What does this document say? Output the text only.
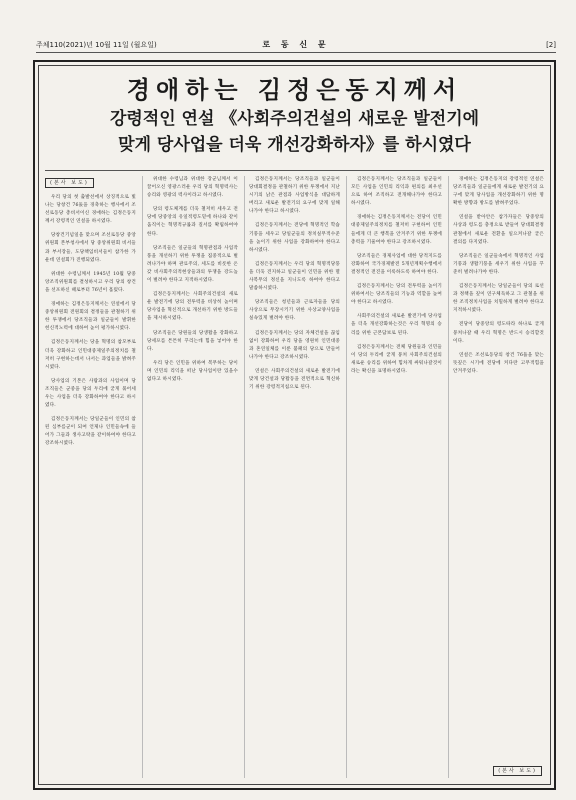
주체110(2021)년 10월 11일 (월요일)	로 동 신 문	[2]
경애하는 김정은동지께서
강령적인 연설 《사회주의건설의 새로운 발전기에
맞게 당사업을 더욱 개선강화하자》를 하시였다
(본사 보도)

우리 당의 첫 출발선에서 상징적으로 빛나는 당창건 76돐을 경축하는 행사에서 조선로동당 총비서이신 경애하는 김정은동지께서 강령적인 연설을 하시였다.

당창건기념일을 맞으며 조선로동당 중앙위원회 본부청사에서 당 중앙위원회 비서들과 부서장들, 도당책임비서들이 참가한 가운데 연설회가 진행되였다.

위대한 수령님께서 1945년 10월 당중앙조직위원회를 결성하시고 우리 당의 창건을 선포하신 때로부터 76년이 흘렀다.

경애하는 김정은동지께서는 연설에서 당중앙위원회 전원회의 결정들을 관철하기 위한 투쟁에서 당조직들과 일군들이 발휘한 헌신적노력에 대하여 높이 평가하시였다.

김정은동지께서는 당을 혁명의 참모부로 더욱 강화하고 인민대중제일주의정치를 철저히 구현하는데서 나서는 과업들을 밝혀주시였다.

당사업의 기본은 사람과의 사업이며 당조직들은 군중을 당의 두리에 굳게 묶어세우는 사업을 더욱 강화하여야 한다고 하시였다.

김정은동지께서는 당일군들이 인민의 참된 심부름군이 되여 언제나 인민들속에 들어가 그들과 생사고락을 같이하여야 한다고 강조하시였다.

위대한 수령님과 위대한 장군님께서 이끌어오신 영광스러운 우리 당의 혁명력사는 승리와 영광의 력사이라고 하시였다.

당의 령도체계를 더욱 철저히 세우고 전당에 당중앙의 유일적령도밑에 하나와 같이 움직이는 혁명적규률과 질서를 확립하여야 한다.

당조직들은 일군들의 혁명관점과 사업작풍을 개선하기 위한 투쟁을 집중적으로 벌려나가야 하며 관료주의, 세도를 비롯한 온갖 비사회주의적현상들과의 투쟁을 강도높이 벌려야 한다고 지적하시였다.

김정은동지께서는 사회주의건설의 새로운 발전기에 당의 전투력을 비상히 높이며 당사업을 혁신적으로 개선하기 위한 방도들을 제시하시였다.

당조직들은 당원들의 당생활을 강화하고 당세포를 튼튼히 꾸리는데 힘을 넣어야 한다.

우리 당은 인민을 위하여 복무하는 당이며 인민의 리익을 떠난 당사업이란 있을수 없다고 하시였다.

김정은동지께서는 당조직들과 일군들이 당대회결정을 관철하기 위한 투쟁에서 지난 시기의 낡은 관점과 사업방식을 대담하게 버리고 새로운 발전기의 요구에 맞게 일해나가야 한다고 하시였다.

김정은동지께서는 전당에 혁명적인 학습기풍을 세우고 당일군들의 정치실무적수준을 높이기 위한 사업을 강화하여야 한다고 하시였다.

김정은동지께서는 우리 당의 혁명적당풍을 더욱 견지하고 일군들이 인민을 위한 멸사복무의 정신을 지니도록 하여야 한다고 말씀하시였다.

당조직들은 청년들과 근로자들을 당의 사상으로 무장시키기 위한 사상교양사업을 실속있게 벌려야 한다.

김정은동지께서는 당의 자체건설을 끊임없이 강화하여 우리 당을 영원히 인민대중과 혼연일체를 이룬 불패의 당으로 만들어나가야 한다고 강조하시였다.

연설은 사회주의건설의 새로운 발전기에 맞게 당건설과 당활동을 전면적으로 혁신하기 위한 강령적지침으로 된다.

김정은동지께서는 당조직들과 일군들이 모든 사업을 인민의 리익과 편의를 최우선으로 하여 조직하고 전개해나가야 한다고 하시였다.

경애하는 김정은동지께서는 전당이 인민대중제일주의정치를 철저히 구현하여 인민들에게 더 큰 행복을 안겨주기 위한 투쟁에 총력을 기울여야 한다고 강조하시였다.

당조직들은 경제사업에 대한 당적지도를 강화하여 국가경제발전 5개년계획수행에서 결정적인 전진을 이룩하도록 하여야 한다.

김정은동지께서는 당의 전투력을 높이기 위하여서는 당조직들의 기능과 역할을 높여야 한다고 하시였다.

사회주의건설의 새로운 발전기에 당사업을 더욱 개선강화하는것은 우리 혁명의 승리를 위한 근본담보로 된다.

김정은동지께서는 전체 당원들과 인민들이 당의 두리에 굳게 뭉쳐 사회주의건설의 새로운 승리를 위하여 힘차게 싸워나갈것이라는 확신을 표명하시였다.

경애하는 김정은동지의 강령적인 연설은 당조직들과 일군들에게 새로운 발전기의 요구에 맞게 당사업을 개선강화하기 위한 명확한 방향과 방도를 밝혀주었다.

연설을 받아안은 참가자들은 당중앙의 사상과 령도를 충정으로 받들어 당대회결정관철에서 새로운 전환을 일으켜나갈 굳은 결의를 다지였다.

당조직들은 일군들속에서 혁명적인 사업기풍과 생활기풍을 세우기 위한 사업을 꾸준히 벌려나가야 한다.

김정은동지께서는 당일군들이 당의 로선과 정책을 깊이 연구체득하고 그 관철을 위한 조직정치사업을 치밀하게 벌려야 한다고 지적하시였다.

전당이 당중앙의 령도따라 하나로 굳게 뭉쳐나갈 때 우리 혁명은 반드시 승리할것이다.

연설은 조선로동당의 창건 76돐을 맞는 뜻깊은 시기에 전당에 커다란 고무적힘을 안겨주었다.

(본사 보도)
